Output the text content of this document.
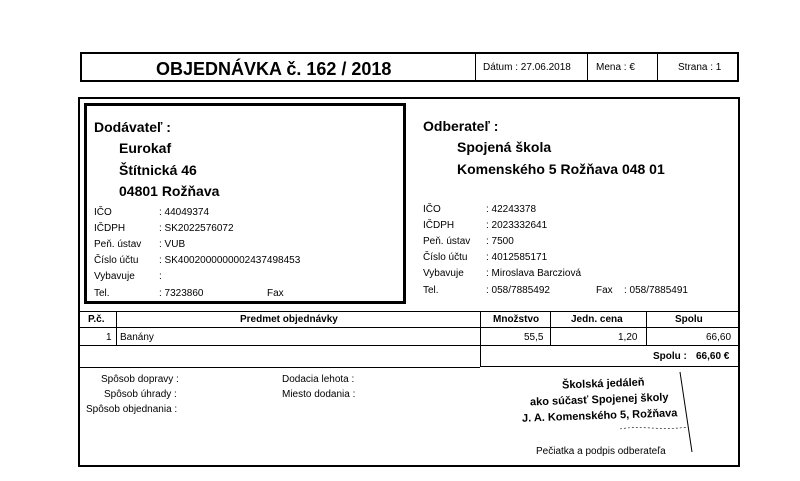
OBJEDNÁVKA č. 162 / 2018	Dátum : 27.06.2018	Mena : €	Strana : 1
Dodávateľ :
Eurokaf
Štítnická 46
04801 Rožňava
IČO	: 44049374
IČDPH	: SK2022576072
Peň. ústav : VUB
Číslo účtu : SK4002000000002437498453
Vybavuje :
Tel.	: 7323860	Fax
Odberateľ :
Spojená škola
Komenského 5 Rožňava 048 01
IČO	: 42243378
IČDPH	: 2023332641
Peň. ústav : 7500
Číslo účtu : 4012585171
Vybavuje : Miroslava Barcziová
Tel.	: 058/7885492	Fax : 058/7885491
P.č.	Predmet objednávky	Množstvo	Jedn. cena	Spolu
1 Banány	55,5	1,20	66,60
Spolu : 66,60 €
Spôsob dopravy :
Spôsob úhrady :
Spôsob objednania :
Dodacia lehota :
Miesto dodania :
Školská jedáleň
ako súčasť Spojenej školy
J. A. Komenského 5, Rožňava
Pečiatka a podpis odberateľa
